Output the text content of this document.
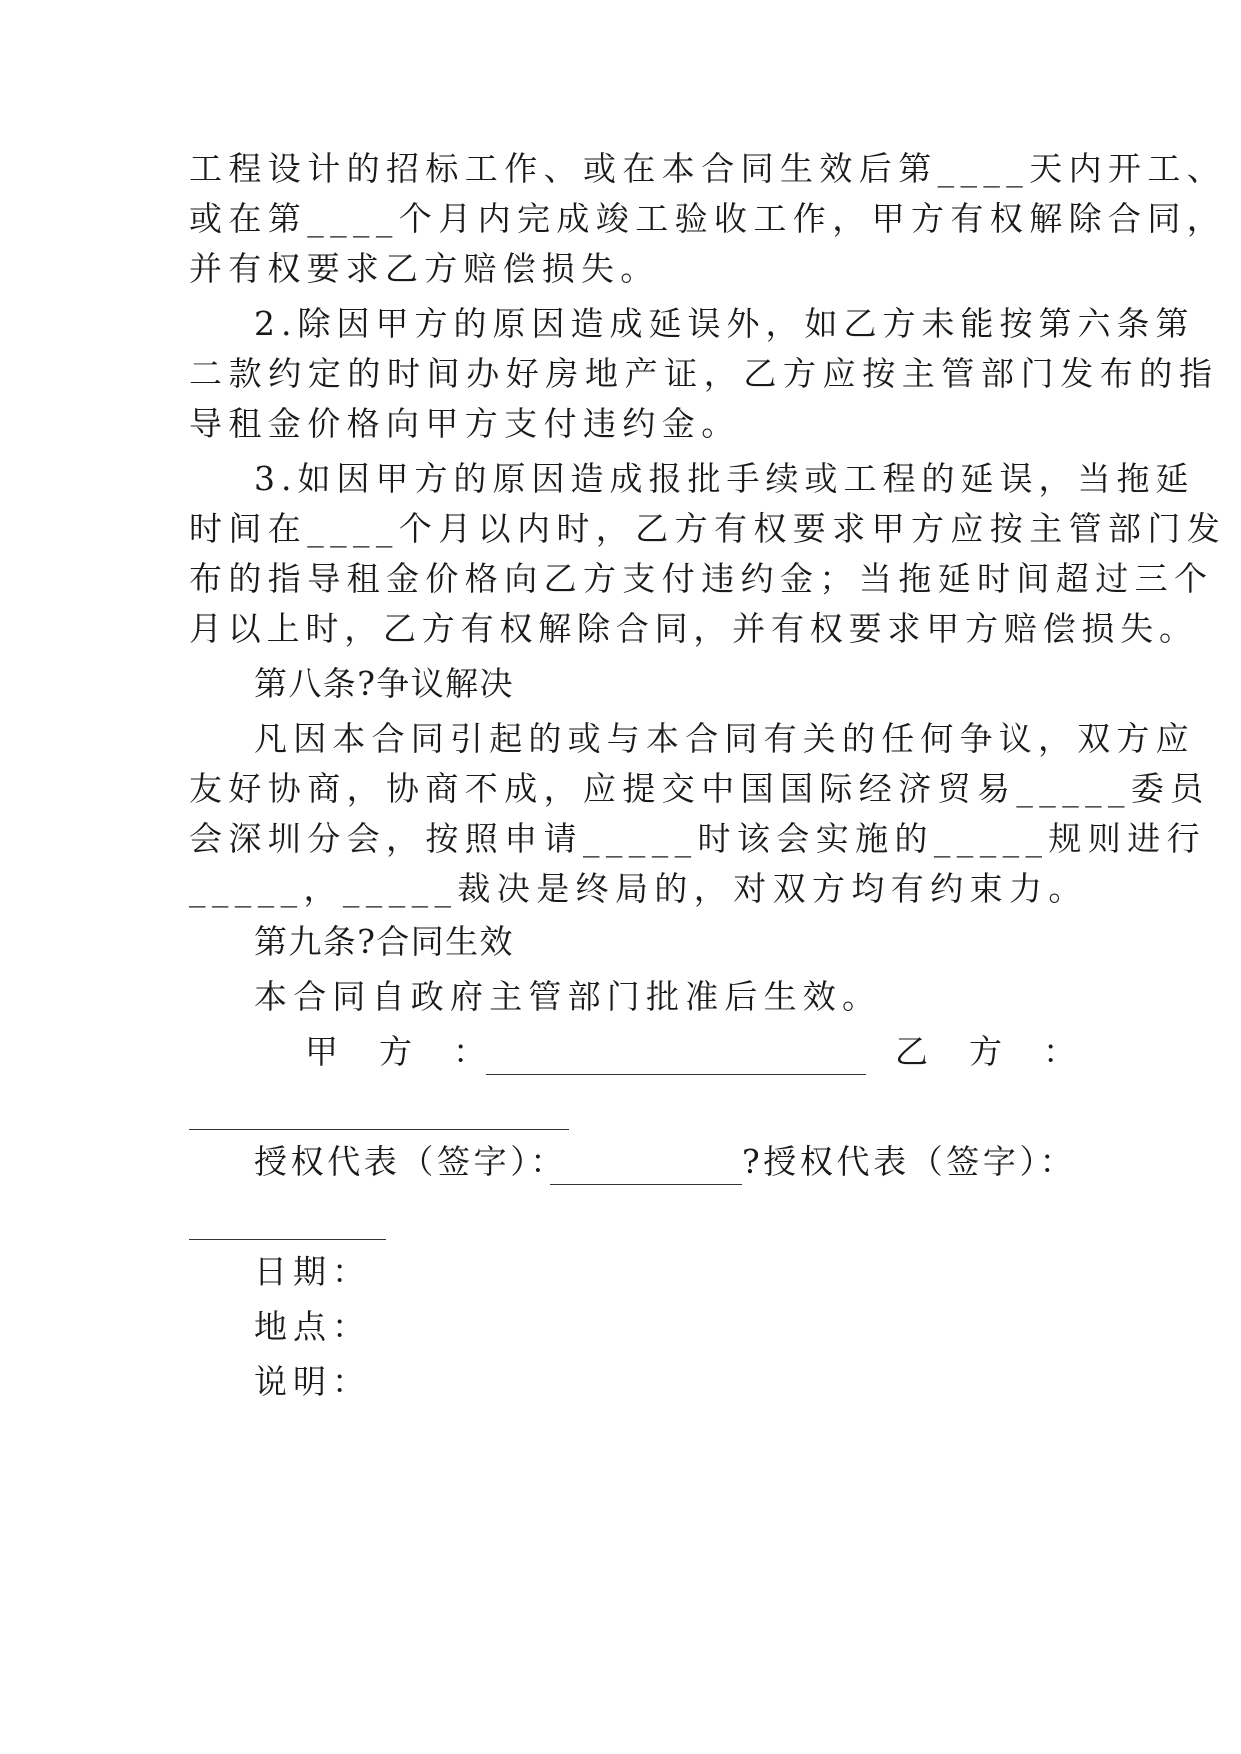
工程设计的招标工作、或在本合同生效后第____天内开工、
或在第____个月内完成竣工验收工作，甲方有权解除合同，
并有权要求乙方赔偿损失。
2.除因甲方的原因造成延误外，如乙方未能按第六条第
二款约定的时间办好房地产证，乙方应按主管部门发布的指
导租金价格向甲方支付违约金。
3.如因甲方的原因造成报批手续或工程的延误，当拖延
时间在____个月以内时，乙方有权要求甲方应按主管部门发
布的指导租金价格向乙方支付违约金；当拖延时间超过三个
月以上时，乙方有权解除合同，并有权要求甲方赔偿损失。
第八条?争议解决
凡因本合同引起的或与本合同有关的任何争议，双方应
友好协商，协商不成，应提交中国国际经济贸易_____委员
会深圳分会，按照申请_____时该会实施的_____规则进行
_____，_____裁决是终局的，对双方均有约束力。
第九条?合同生效
本合同自政府主管部门批准后生效。
甲　方　：	乙　方　：
授权代表（签字）：	?授权代表（签字）：
日期：
地点：
说明：
